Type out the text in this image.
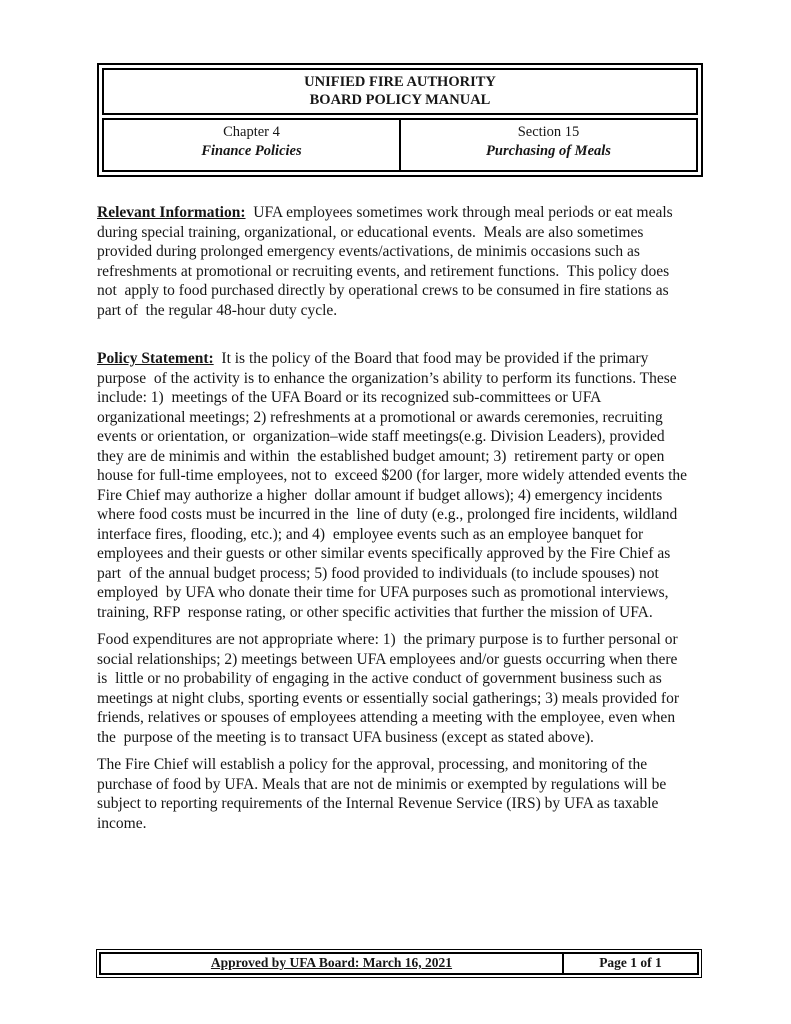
UNIFIED FIRE AUTHORITY
BOARD POLICY MANUAL
Chapter 4
Finance Policies
Section 15
Purchasing of Meals

Relevant Information:  UFA employees sometimes work through meal periods or eat meals
during special training, organizational, or educational events.  Meals are also sometimes
provided during prolonged emergency events/activations, de minimis occasions such as
refreshments at promotional or recruiting events, and retirement functions.  This policy does
not  apply to food purchased directly by operational crews to be consumed in fire stations as
part of  the regular 48-hour duty cycle.

Policy Statement:  It is the policy of the Board that food may be provided if the primary
purpose  of the activity is to enhance the organization’s ability to perform its functions. These
include: 1)  meetings of the UFA Board or its recognized sub-committees or UFA
organizational meetings; 2) refreshments at a promotional or awards ceremonies, recruiting
events or orientation, or  organization–wide staff meetings(e.g. Division Leaders), provided
they are de minimis and within  the established budget amount; 3)  retirement party or open
house for full-time employees, not to  exceed $200 (for larger, more widely attended events the
Fire Chief may authorize a higher  dollar amount if budget allows); 4) emergency incidents
where food costs must be incurred in the  line of duty (e.g., prolonged fire incidents, wildland
interface fires, flooding, etc.); and 4)  employee events such as an employee banquet for
employees and their guests or other similar events specifically approved by the Fire Chief as
part  of the annual budget process; 5) food provided to individuals (to include spouses) not
employed  by UFA who donate their time for UFA purposes such as promotional interviews,
training, RFP  response rating, or other specific activities that further the mission of UFA.

Food expenditures are not appropriate where: 1)  the primary purpose is to further personal or
social relationships; 2) meetings between UFA employees and/or guests occurring when there
is  little or no probability of engaging in the active conduct of government business such as
meetings at night clubs, sporting events or essentially social gatherings; 3) meals provided for
friends, relatives or spouses of employees attending a meeting with the employee, even when
the  purpose of the meeting is to transact UFA business (except as stated above).

The Fire Chief will establish a policy for the approval, processing, and monitoring of the
purchase of food by UFA. Meals that are not de minimis or exempted by regulations will be
subject to reporting requirements of the Internal Revenue Service (IRS) by UFA as taxable
income.

Approved by UFA Board: March 16, 2021	Page 1 of 1
